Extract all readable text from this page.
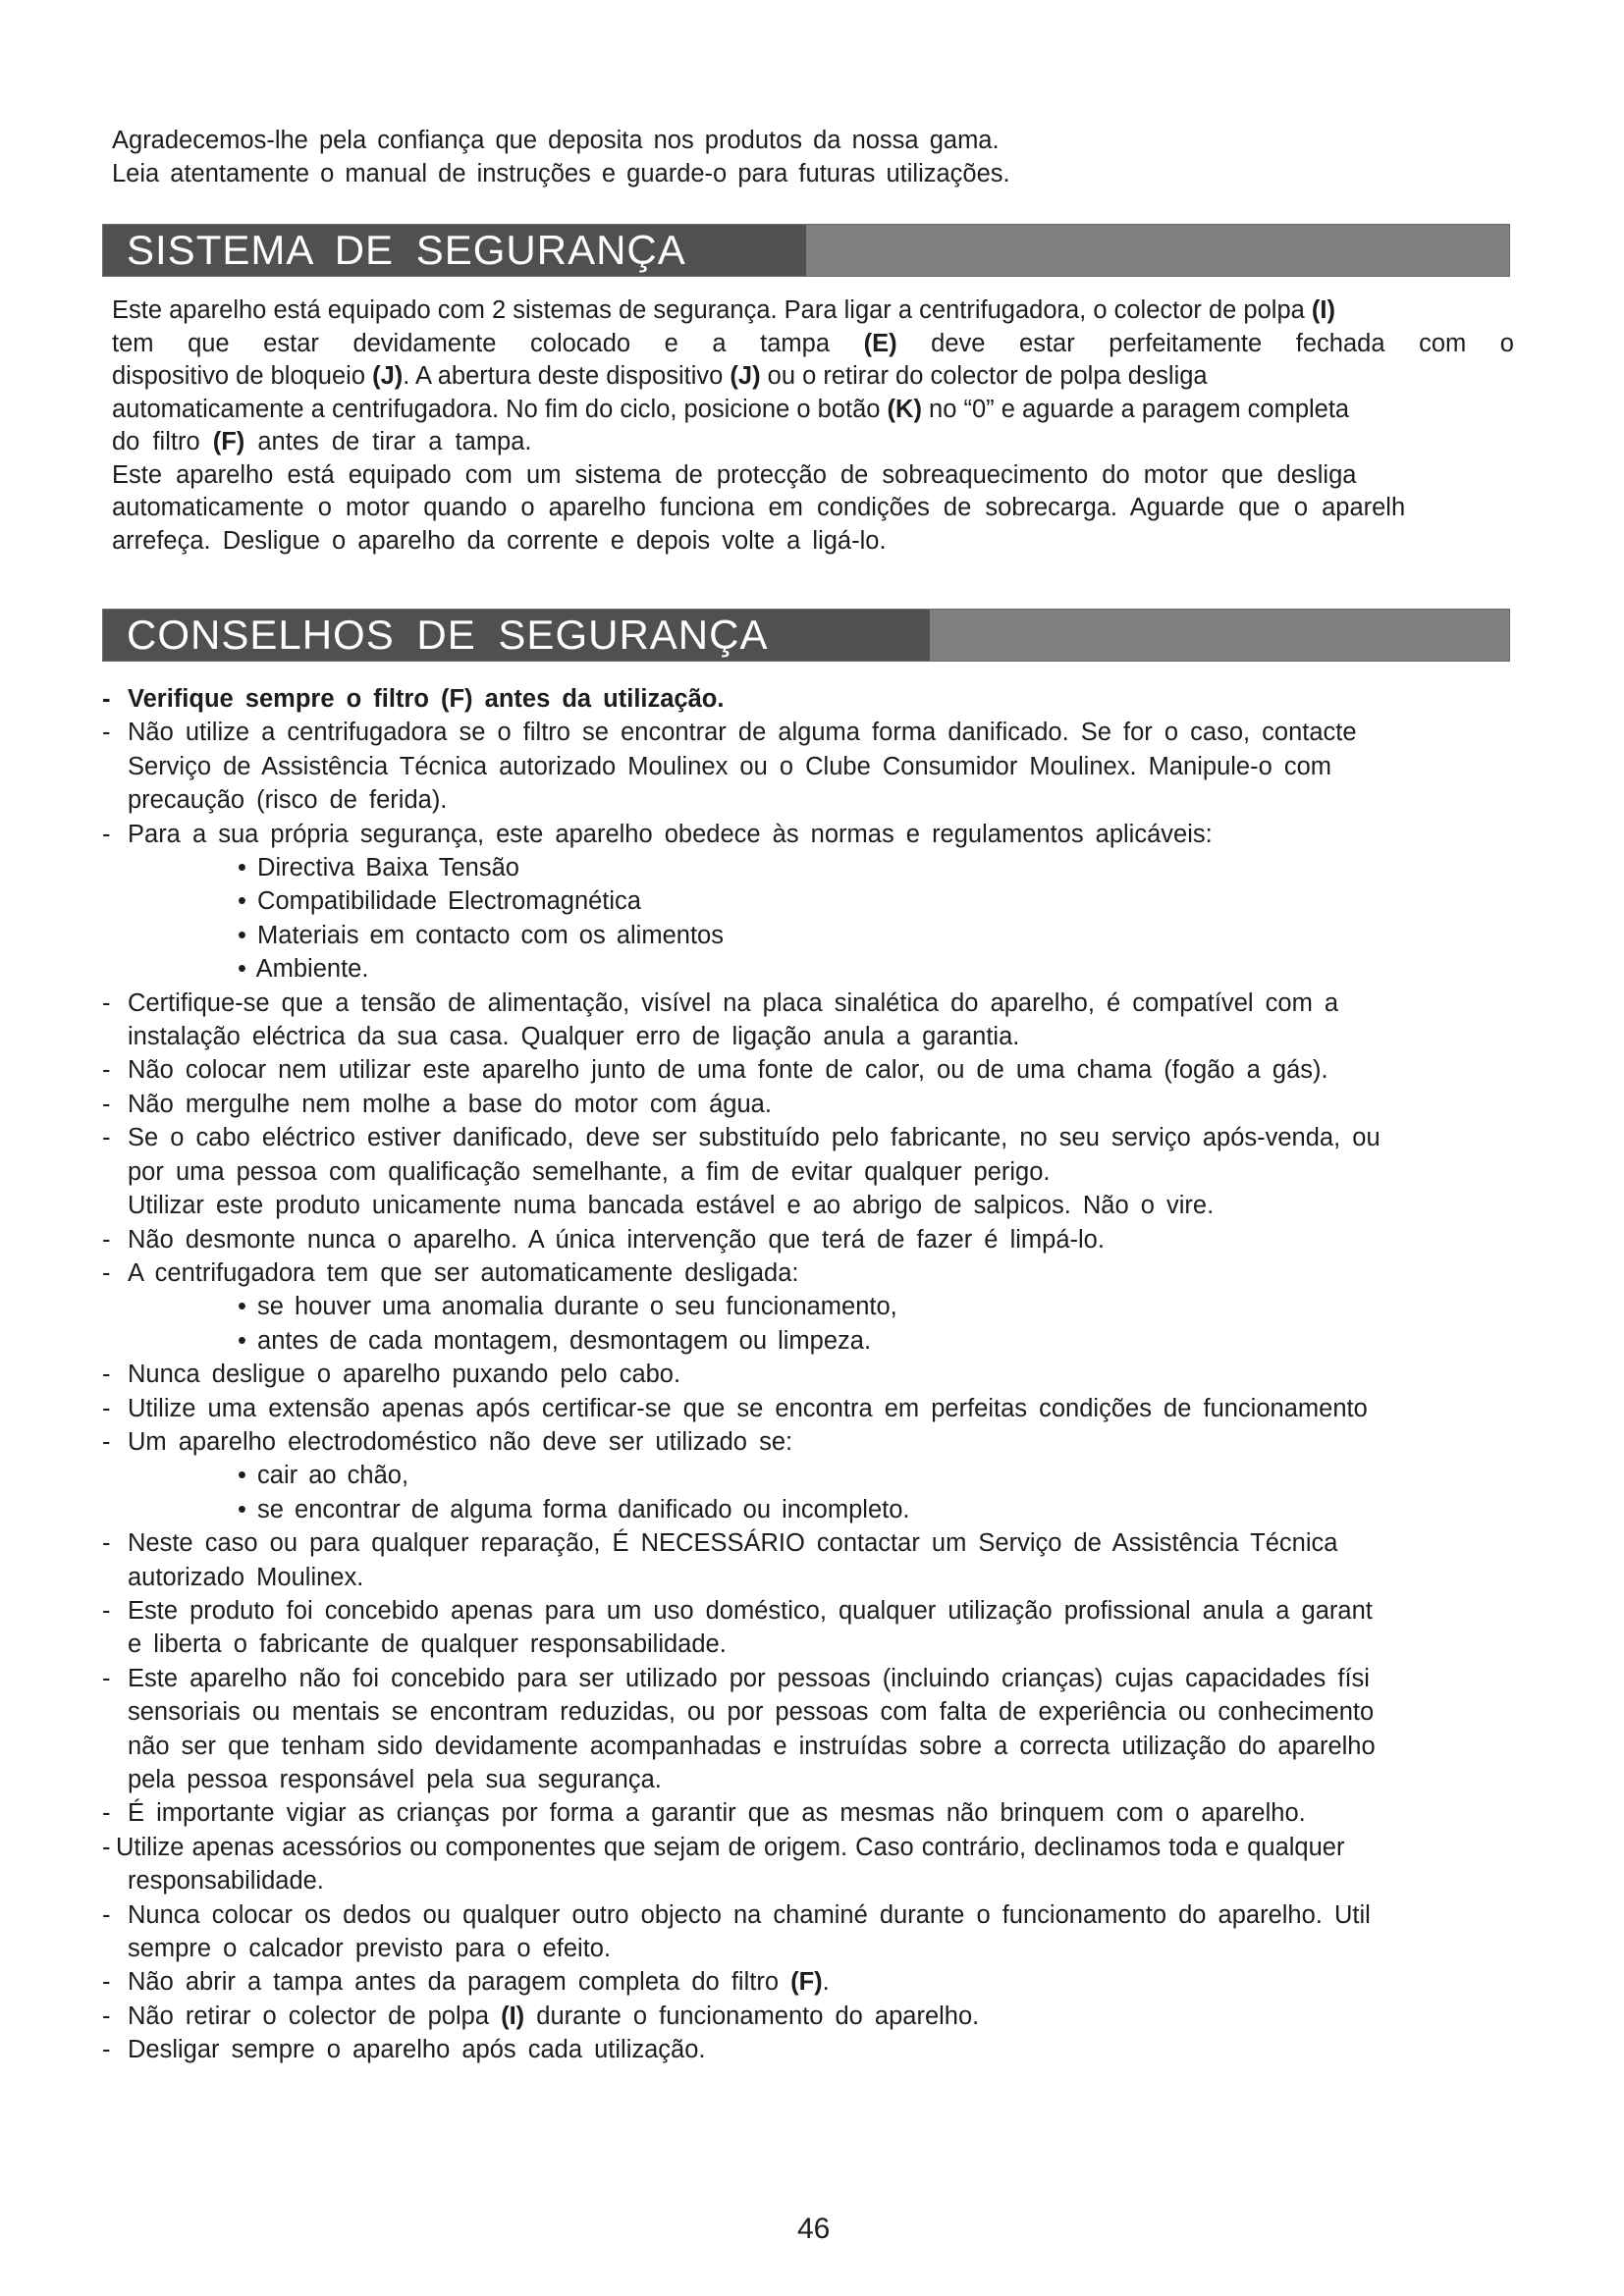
Agradecemos-lhe pela confiança que deposita nos produtos da nossa gama.

Leia atentamente o manual de instruções e guarde-o para futuras utilizações.

SISTEMA DE SEGURANÇA
Este aparelho está equipado com 2 sistemas de segurança. Para ligar a centrifugadora, o colector de polpa (I)
tem que estar devidamente colocado e a tampa (E) deve estar perfeitamente fechada com o
dispositivo de bloqueio (J). A abertura deste dispositivo (J) ou o retirar do colector de polpa desliga
automaticamente a centrifugadora. No fim do ciclo, posicione o botão (K) no “0” e aguarde a paragem completa
do filtro (F) antes de tirar a tampa.
Este aparelho está equipado com um sistema de protecção de sobreaquecimento do motor que desliga
automaticamente o motor quando o aparelho funciona em condições de sobrecarga. Aguarde que o aparelh
arrefeça. Desligue o aparelho da corrente e depois volte a ligá-lo.
CONSELHOS DE SEGURANÇA
- Verifique sempre o filtro (F) antes da utilização.
- Não utilize a centrifugadora se o filtro se encontrar de alguma forma danificado. Se for o caso, contacte
Serviço de Assistência Técnica autorizado Moulinex ou o Clube Consumidor Moulinex. Manipule-o com
precaução (risco de ferida).
- Para a sua própria segurança, este aparelho obedece às normas e regulamentos aplicáveis:
• Directiva Baixa Tensão
• Compatibilidade Electromagnética
• Materiais em contacto com os alimentos
• Ambiente.
- Certifique-se que a tensão de alimentação, visível na placa sinalética do aparelho, é compatível com a
instalação eléctrica da sua casa. Qualquer erro de ligação anula a garantia.
- Não colocar nem utilizar este aparelho junto de uma fonte de calor, ou de uma chama (fogão a gás).
- Não mergulhe nem molhe a base do motor com água.
- Se o cabo eléctrico estiver danificado, deve ser substituído pelo fabricante, no seu serviço após-venda, ou
por uma pessoa com qualificação semelhante, a fim de evitar qualquer perigo.
Utilizar este produto unicamente numa bancada estável e ao abrigo de salpicos. Não o vire.
- Não desmonte nunca o aparelho. A única intervenção que terá de fazer é limpá-lo.
- A centrifugadora tem que ser automaticamente desligada:
• se houver uma anomalia durante o seu funcionamento,
• antes de cada montagem, desmontagem ou limpeza.
- Nunca desligue o aparelho puxando pelo cabo.
- Utilize uma extensão apenas após certificar-se que se encontra em perfeitas condições de funcionamento
- Um aparelho electrodoméstico não deve ser utilizado se:
• cair ao chão,
• se encontrar de alguma forma danificado ou incompleto.
- Neste caso ou para qualquer reparação, É NECESSÁRIO contactar um Serviço de Assistência Técnica
autorizado Moulinex.
- Este produto foi concebido apenas para um uso doméstico, qualquer utilização profissional anula a garant
e liberta o fabricante de qualquer responsabilidade.
- Este aparelho não foi concebido para ser utilizado por pessoas (incluindo crianças) cujas capacidades físi
sensoriais ou mentais se encontram reduzidas, ou por pessoas com falta de experiência ou conhecimento
não ser que tenham sido devidamente acompanhadas e instruídas sobre a correcta utilização do aparelho
pela pessoa responsável pela sua segurança.
- É importante vigiar as crianças por forma a garantir que as mesmas não brinquem com o aparelho.
- Utilize apenas acessórios ou componentes que sejam de origem. Caso contrário, declinamos toda e qualquer
responsabilidade.
- Nunca colocar os dedos ou qualquer outro objecto na chaminé durante o funcionamento do aparelho. Util
sempre o calcador previsto para o efeito.
- Não abrir a tampa antes da paragem completa do filtro (F).
- Não retirar o colector de polpa (I) durante o funcionamento do aparelho.
- Desligar sempre o aparelho após cada utilização.
46
